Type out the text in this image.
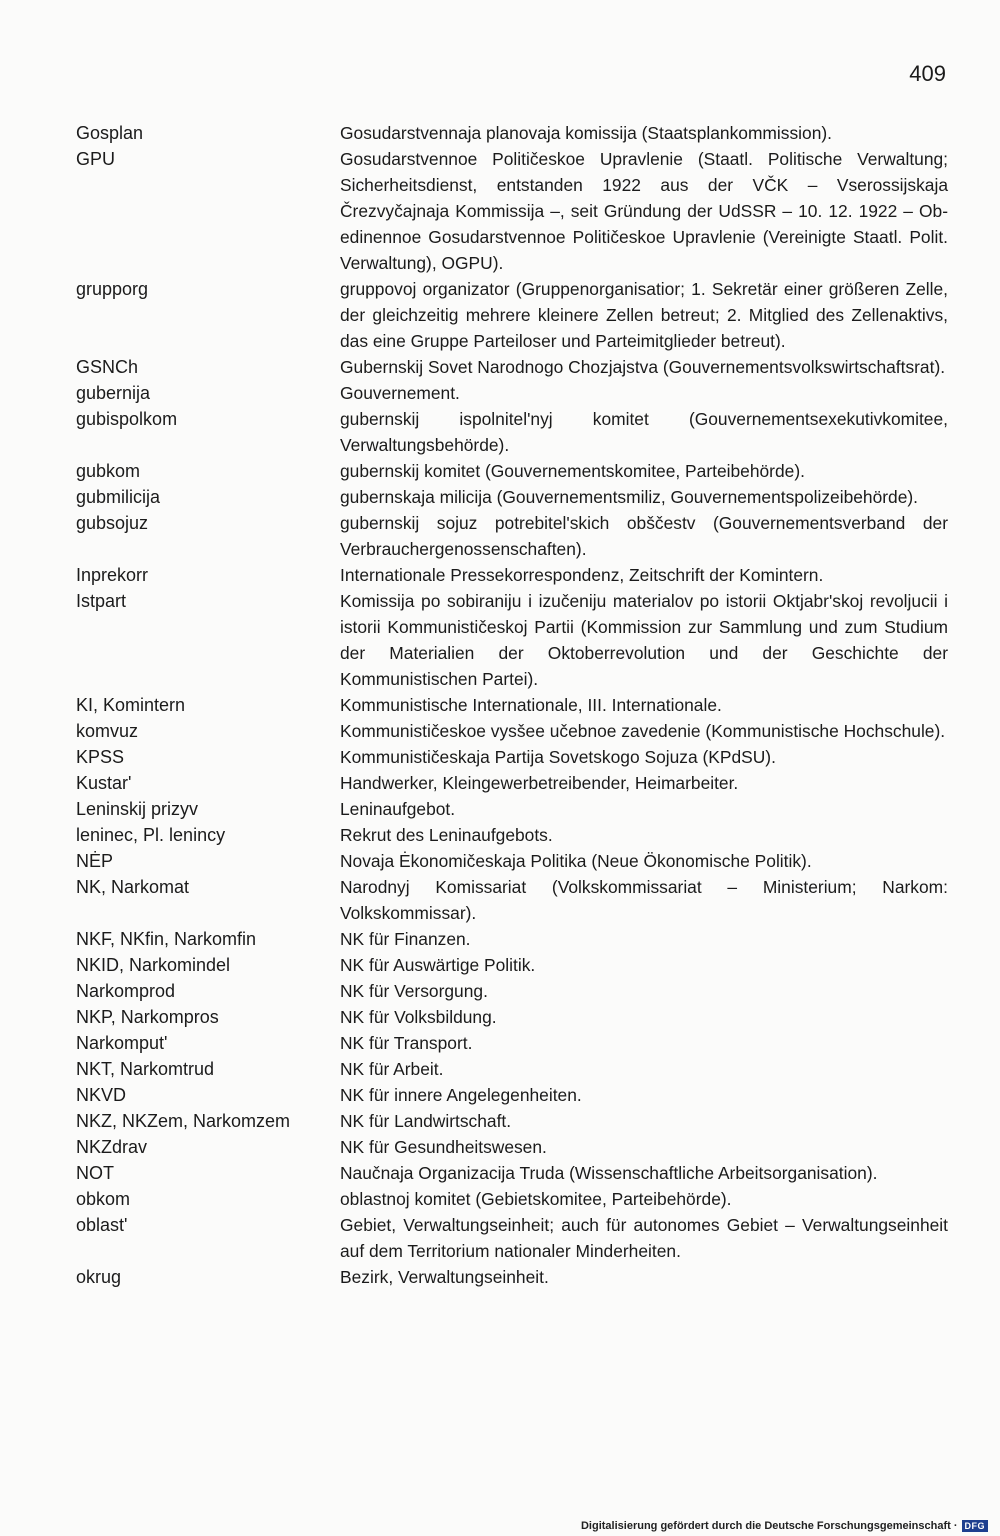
409
Gosplan	Gosudarstvennaja planovaja komissija (Staatsplankommission).
GPU	Gosudarstvennoe Političeskoe Upravlenie (Staatl. Politische Verwaltung; Sicherheitsdienst, entstanden 1922 aus der VČK – Vserossijskaja Črezvyčajnaja Kommissija –, seit Gründung der UdSSR – 10. 12. 1922 – Ob-edinennoe Gosudarstvennoe Političeskoe Upravlenie (Vereinigte Staatl. Polit. Verwaltung), OGPU).
grupporg	gruppovoj organizator (Gruppenorganisatior; 1. Sekretär einer größeren Zelle, der gleichzeitig mehrere kleinere Zellen betreut; 2. Mitglied des Zellenaktivs, das eine Gruppe Parteiloser und Parteimitglieder betreut).
GSNCh	Gubernskij Sovet Narodnogo Chozjajstva (Gouvernementsvolkswirtschaftsrat).
gubernija	Gouvernement.
gubispolkom	gubernskij ispolnitel'nyj komitet (Gouvernementsexekutivkomitee, Verwaltungsbehörde).
gubkom	gubernskij komitet (Gouvernementskomitee, Parteibehörde).
gubmilicija	gubernskaja milicija (Gouvernementsmiliz, Gouvernementspolizeibehörde).
gubsojuz	gubernskij sojuz potrebitel'skich obščestv (Gouvernementsverband der Verbrauchergenossenschaften).
Inprekorr	Internationale Pressekorrespondenz, Zeitschrift der Komintern.
Istpart	Komissija po sobiraniju i izučeniju materialov po istorii Oktjabr'skoj revoljucii i istorii Kommunističeskoj Partii (Kommission zur Sammlung und zum Studium der Materialien der Oktoberrevolution und der Geschichte der Kommunistischen Partei).
KI, Komintern	Kommunistische Internationale, III. Internationale.
komvuz	Kommunističeskoe vysšee učebnoe zavedenie (Kommunistische Hochschule).
KPSS	Kommunističeskaja Partija Sovetskogo Sojuza (KPdSU).
Kustar'	Handwerker, Kleingewerbetreibender, Heimarbeiter.
Leninskij prizyv	Leninaufgebot.
leninec, Pl. lenincy	Rekrut des Leninaufgebots.
NĖP	Novaja Ėkonomičeskaja Politika (Neue Ökonomische Politik).
NK, Narkomat	Narodnyj Komissariat (Volkskommissariat – Ministerium; Narkom: Volkskommissar).
NKF, NKfin, Narkomfin	NK für Finanzen.
NKID, Narkomindel	NK für Auswärtige Politik.
Narkomprod	NK für Versorgung.
NKP, Narkompros	NK für Volksbildung.
Narkomput'	NK für Transport.
NKT, Narkomtrud	NK für Arbeit.
NKVD	NK für innere Angelegenheiten.
NKZ, NKZem, Narkomzem	NK für Landwirtschaft.
NKZdrav	NK für Gesundheitswesen.
NOT	Naučnaja Organizacija Truda (Wissenschaftliche Arbeitsorganisation).
obkom	oblastnoj komitet (Gebietskomitee, Parteibehörde).
oblast'	Gebiet, Verwaltungseinheit; auch für autonomes Gebiet – Verwaltungseinheit auf dem Territorium nationaler Minderheiten.
okrug	Bezirk, Verwaltungseinheit.
Digitalisierung gefördert durch die Deutsche Forschungsgemeinschaft · DFG
